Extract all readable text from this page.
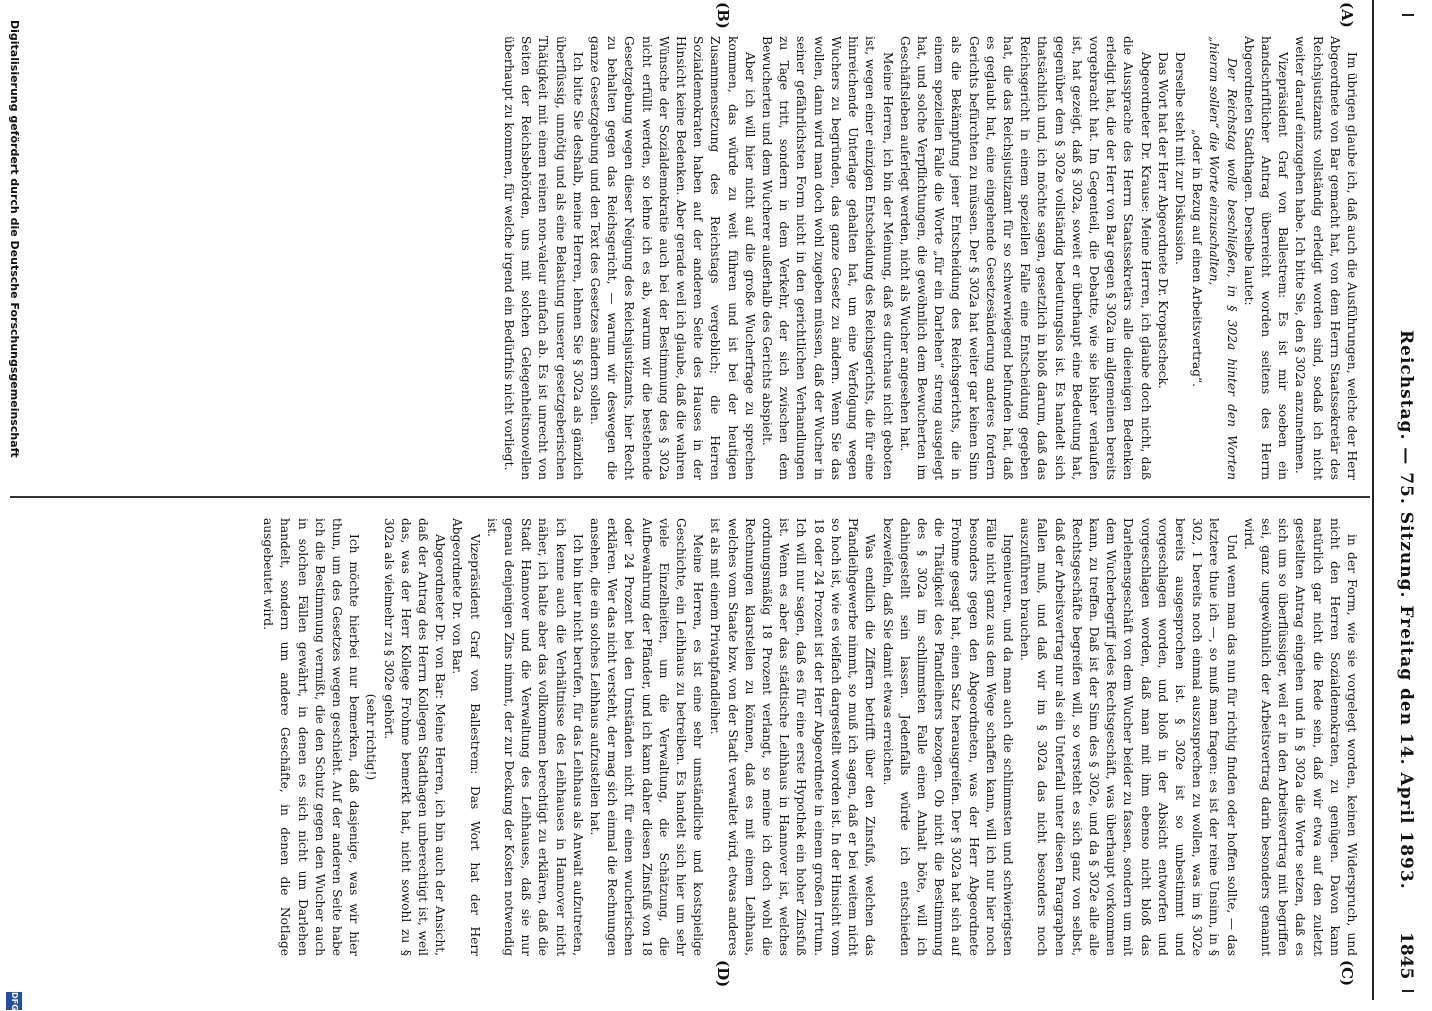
Reichstag. — 75. Sitzung. Freitag den 14. April 1893.
1845
(A)
(B)
(C)
(D)

Im übrigen glaube ich, daß auch die Ausführungen, welche der Herr Abgeordnete von Bar gemacht hat, von dem Herrn Staatssekretär des Reichsjustizamts vollständig erledigt worden sind, sodaß ich nicht weiter darauf einzugehen habe. Ich bitte Sie, den § 302a anzunehmen.

Vizepräsident Graf von Ballestrem: Es ist mir soeben ein handschriftlicher Antrag überreicht worden seitens des Herrn Abgeordneten Stadthagen. Derselbe lautet:

Der Reichstag wolle beschließen, in § 302a hinter den Worten „hieran sollen“ die Worte einzuschalten,

„oder in Bezug auf einen Arbeitsvertrag“.

Derselbe steht mit zur Diskussion.

Das Wort hat der Herr Abgeordnete Dr. Kropatscheck.

Abgeordneter Dr. Krause: Meine Herren, ich glaube doch nicht, daß die Aussprache des Herrn Staatssekretärs alle dieienigen Bedenken erledigt hat, die der Herr von Bar gegen § 302a im allgemeinen bereits vorgebracht hat. Im Gegenteil, die Debatte, wie sie bisher verlaufen ist, hat gezeigt, daß § 302a, soweit er überhaupt eine Bedeutung hat, gegenüber dem § 302e vollständig bedeutungslos ist. Es handelt sich thatsächlich und, ich möchte sagen, gesetzlich in bloß darum, daß das Reichsgericht in einem speziellen Falle eine Entscheidung gegeben hat, die das Reichsjustizamt für so schwerwiegend befunden hat, daß es geglaubt hat, eine eingehende Gesetzesänderung anderes fordern Gerichts befürchten zu müssen. Der § 302a hat weiter gar keinen Sinn als die Bekämpfung jener Entscheidung des Reichsgerichts, die in einem speziellen Falle die Worte „für ein Darlehen“ streng ausgelegt hat, und solche Verpflichtungen, die gewöhnlich dem Bewucherten im Geschäftsleben auferlegt werden, nicht als Wucher angesehen hat.

Meine Herren, ich bin der Meinung, daß es durchaus nicht geboten ist, wegen einer einzigen Entscheidung des Reichsgerichts, die für eine hinreichende Unterlage gehalten hat, um eine Verfolgung wegen Wuchers zu begründen, das ganze Gesetz zu ändern. Wenn Sie das wollen, dann wird man doch wohl zugeben müssen, daß der Wucher in seiner gefährlichsten Form nicht in den gerichtlichen Verhandlungen zu Tage tritt, sondern in dem Verkehr, der sich zwischen dem Bewucherten und dem Wucherer außerhalb des Gerichts abspielt.

Aber ich will hier nicht auf die große Wucherfrage zu sprechen kommen, das würde zu weit führen und ist bei der heutigen Zusammensetzung des Reichstags vergeblich; die Herren Sozialdemokraten haben auf der anderen Seite des Hauses in der Hinsicht keine Bedenken. Aber gerade weil ich glaube, daß die wahren Wünsche der Sozialdemokratie auch bei der Bestimmung des § 302a nicht erfüllt werden, so lehne ich es ab, warum wir die bestehende Gesetzgebung wegen dieser Neigung des Reichsjustizamts, hier Recht zu behalten gegen das Reichsgericht, — warum wir deswegen die ganze Gesetzgebung und den Text des Gesetzes ändern sollen.

Ich bitte Sie deshalb, meine Herren, lehnen Sie § 302a als gänzlich überflüssig, unnötig und als eine Belastung unserer gesetzgeberischen Thätigkeit mit einem reinen non-valeur einfach ab. Es ist unrecht von Seiten der Reichsbehörden, uns mit solchen Gelegenheitsnovellen überhaupt zu kommen, für welche irgend ein Bedürfnis nicht vorliegt.

in der Form, wie sie vorgelegt worden, keinen Widerspruch, und nicht den Herren Sozialdemokraten, zu genügen. Davon kann natürlich gar nicht die Rede sein, daß wir etwa auf den zuletzt gestellten Antrag eingehen und in § 302a die Worte setzen, daß es sich um so überflüssiger, weil er in den Arbeitsvertrag mit begriffen sei, ganz ungewöhnlich der Arbeitsvertrag darin besonders genannt wird.

Und wenn man das nun für richtig finden oder hoffen sollte, — das letztere thue ich —, so muß man fragen: es ist der reine Unsinn, in § 302, 1 bereits noch einmal auszusprechen zu wollen, was im § 302e bereits ausgesprochen ist. § 302e ist so unbestimmt und vorgeschlagen worden, und bloß in der Absicht entworfen und vorgeschlagen worden, daß man mit ihm ebenso nicht bloß das Darlehensgeschäft von dem Wucher beider zu fassen, sondern um mit dem Wucherbegriff jedes Rechtsgeschäft, was überhaupt vorkommen kann, zu treffen. Daß ist der Sinn des § 302e, und da § 302e alle alle Rechtsgeschäfte begreifen will, so versteht es sich ganz von selbst, daß der Arbeitsvertrag nur als ein Unterfall unter diesen Paragraphen fallen muß, und daß wir im § 302a das nicht besonders noch auszuführen brauchen.

Ingenieuren, und da man auch die schlimmsten und schwierigsten Fälle nicht ganz aus dem Wege schaffen kann, will ich nur hier noch besonders gegen den Abgeordneten, was der Herr Abgeordnete Frohme gesagt hat, einen Satz herausgreifen. Der § 302a hat sich auf die Thätigkeit des Pfandleihers bezogen. Ob nicht die Bestimmung des § 302a im schlimmsten Falle einen Anhalt böte, will ich dahingestellt sein lassen. Jedenfalls würde ich entschieden bezweifeln, daß Sie damit etwas erreichen.

Was endlich die Ziffern betrifft über den Zinsfuß, welchen das Pfandleihgewerbe nimmt, so muß ich sagen, daß er bei weitem nicht so hoch ist, wie es vielfach dargestellt worden ist. In der Hinsicht vom 18 oder 24 Prozent ist der Herr Abgeordnete in einem großen Irrtum. Ich will nur sagen, daß es für eine erste Hypothek ein hoher Zinsfuß ist. Wenn es aber das städtische Leihhaus in Hannover ist, welches ordnungsmäßig 18 Prozent verlangt, so meine ich doch wohl die Rechnungen klarstellen zu können, daß es mit einem Leihhaus, welches vom Staate bzw. von der Stadt verwaltet wird, etwas anderes ist als mit einem Privatpfandleiher.

Meine Herren, es ist eine sehr umständliche und kostspielige Geschichte, ein Leihhaus zu betreiben. Es handelt sich hier um sehr viele Einzelheiten, um die Verwaltung, die Schätzung, die Aufbewahrung der Pfänder, und ich kann daher diesen Zinsfuß von 18 oder 24 Prozent bei den Umständen nicht für einen wucherischen erklären. Wer das nicht versteht, der mag sich einmal die Rechnungen ansehen, die ein solches Leihhaus aufzustellen hat.

Ich bin hier nicht berufen, für das Leihhaus als Anwalt aufzutreten, ich kenne auch die Verhältnisse des Leihhauses in Hannover nicht näher, ich halte aber das vollkommen berechtigt zu erklären, daß die Stadt Hannover und die Verwaltung des Leihhauses, daß sie nur genau denjenigen Zins nimmt, der zur Deckung der Kosten notwendig ist.

Vizepräsident Graf von Ballestrem: Das Wort hat der Herr Abgeordnete Dr. von Bar.

Abgeordneter Dr. von Bar: Meine Herren, ich bin auch der Ansicht, daß der Antrag des Herrn Kollegen Stadthagen unberechtigt ist, weil das, was der Herr Kollege Frohme bemerkt hat, nicht sowohl zu § 302a als vielmehr zu § 302e gehört.

(sehr richtig!)

Ich möchte hierbei nur bemerken, daß dasjenige, was wir hier thun, um des Gesetzes wegen geschieht. Auf der anderen Seite habe ich die Bestimmung vermißt, die den Schutz gegen den Wucher auch in solchen Fällen gewährt, in denen es sich nicht um Darlehen handelt, sondern um andere Geschäfte, in denen die Notlage ausgebeutet wird.

Digitalisierung gefördert durch die Deutsche Forschungsgemeinschaft
DFG
